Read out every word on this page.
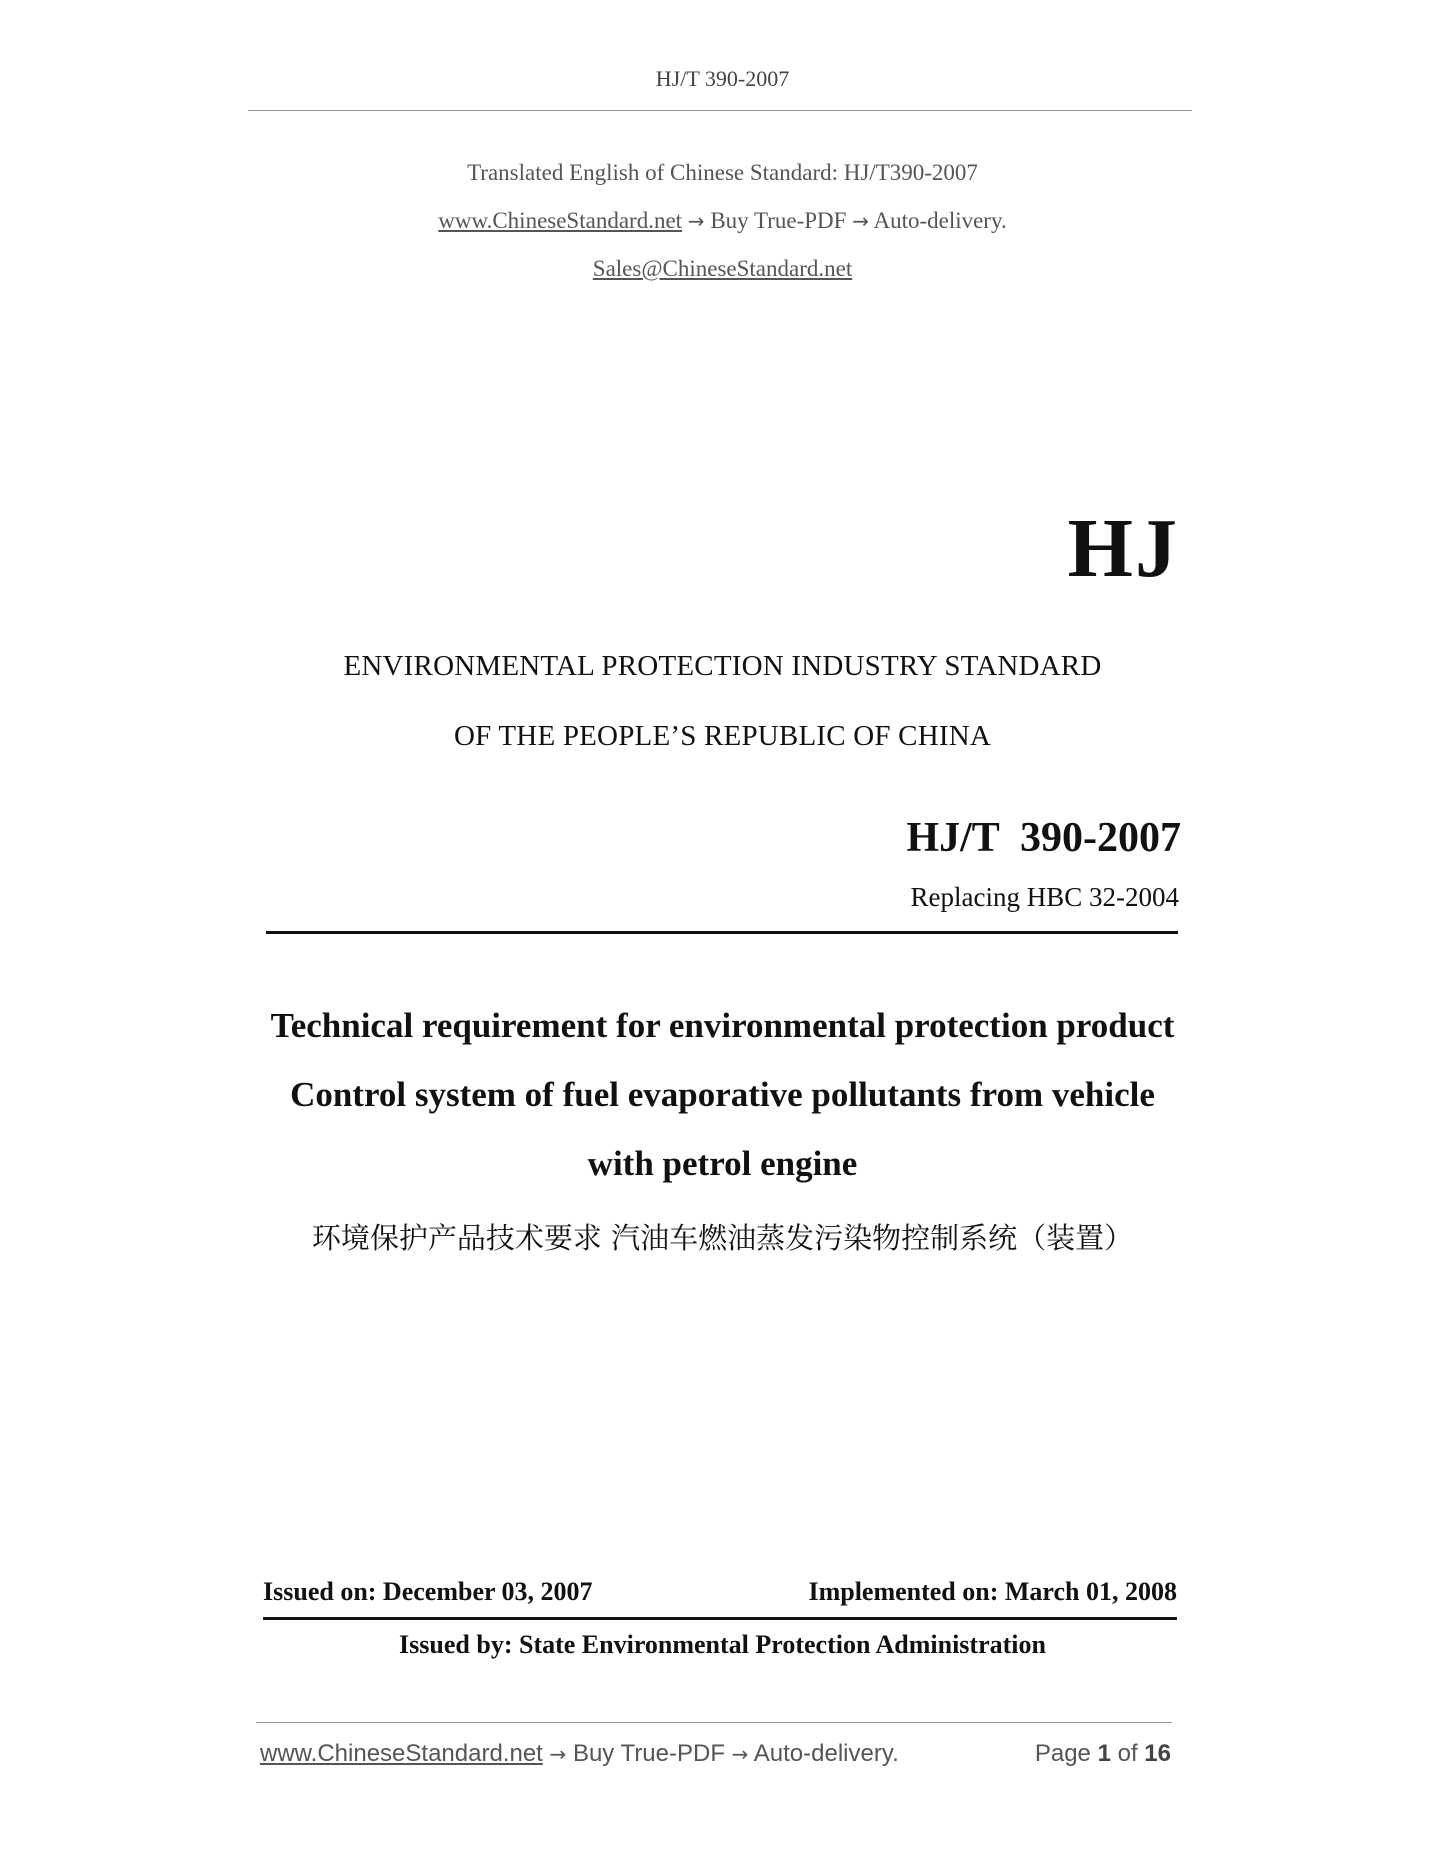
HJ/T 390-2007
Translated English of Chinese Standard: HJ/T390-2007
www.ChineseStandard.net → Buy True-PDF → Auto-delivery.
Sales@ChineseStandard.net
HJ
ENVIRONMENTAL PROTECTION INDUSTRY STANDARD
OF THE PEOPLE’S REPUBLIC OF CHINA
HJ/T  390-2007
Replacing HBC 32-2004
Technical requirement for environmental protection product
Control system of fuel evaporative pollutants from vehicle
with petrol engine
环境保护产品技术要求 汽油车燃油蒸发污染物控制系统（装置）
Issued on: December 03, 2007	Implemented on: March 01, 2008
Issued by: State Environmental Protection Administration
www.ChineseStandard.net → Buy True-PDF → Auto-delivery.	Page 1 of 16
